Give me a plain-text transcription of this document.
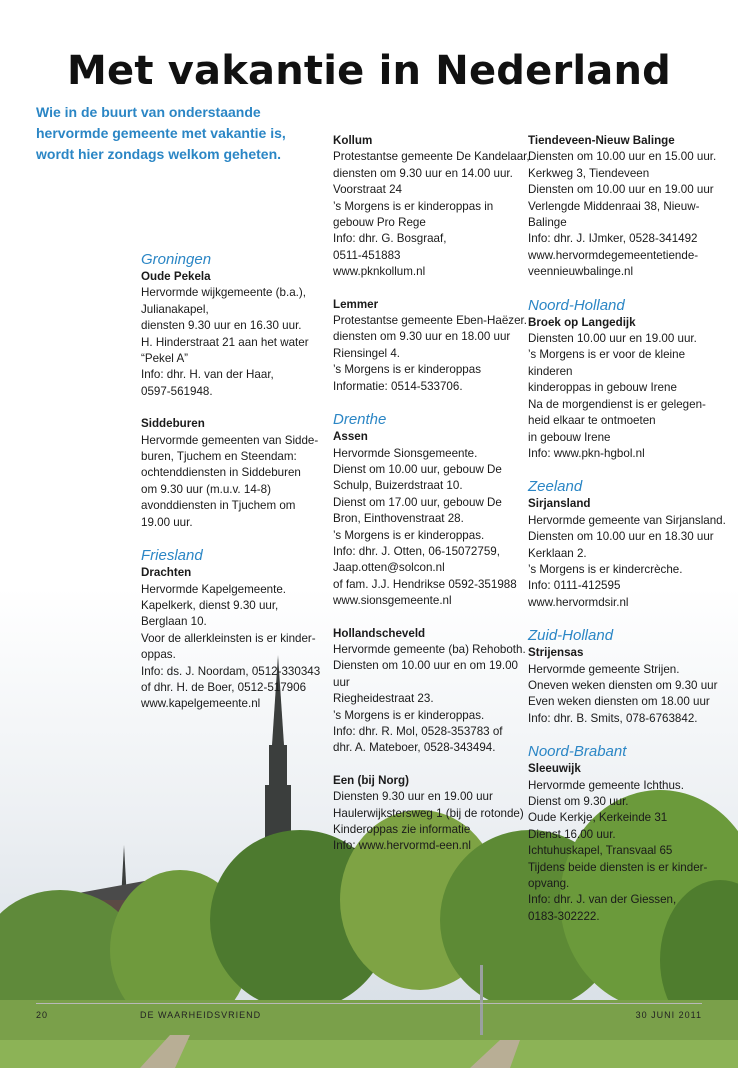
Met vakantie in Nederland
Wie in de buurt van onderstaande hervormde gemeente met vakantie is, wordt hier zondags welkom geheten.
Groningen
Oude Pekela
Hervormde wijkgemeente (b.a.),
Julianakapel,
diensten 9.30 uur en 16.30 uur.
H. Hinderstraat 21 aan het water
“Pekel A”
Info: dhr. H. van der Haar,
0597-561948.
Siddeburen
Hervormde gemeenten van Sidde-
buren, Tjuchem en Steendam:
ochtenddiensten in Siddeburen
om 9.30 uur (m.u.v. 14-8)
avonddiensten in Tjuchem om
19.00 uur.
Friesland
Drachten
Hervormde Kapelgemeente.
Kapelkerk, dienst 9.30 uur,
Berglaan 10.
Voor de allerkleinsten is er kinder-
oppas.
Info: ds. J. Noordam, 0512-330343
of dhr. H. de Boer, 0512-517906
www.kapelgemeente.nl
Kollum
Protestantse gemeente De Kandelaar,
diensten om 9.30 uur en 14.00 uur.
Voorstraat 24
’s Morgens is er kinderoppas in
gebouw Pro Rege
Info: dhr. G. Bosgraaf,
0511-451883
www.pknkollum.nl
Lemmer
Protestantse gemeente Eben-Haëzer.
diensten om 9.30 uur en 18.00 uur
Riensingel 4.
’s Morgens is er kinderoppas
Informatie: 0514-533706.
Drenthe
Assen
Hervormde Sionsgemeente.
Dienst om 10.00 uur, gebouw De
Schulp, Buizerdstraat 10.
Dienst om 17.00 uur, gebouw De
Bron, Einthovenstraat 28.
’s Morgens is er kinderoppas.
Info: dhr. J. Otten, 06-15072759,
Jaap.otten@solcon.nl
of fam. J.J. Hendrikse 0592-351988
www.sionsgemeente.nl
Hollandscheveld
Hervormde gemeente (ba) Rehoboth.
Diensten om 10.00 uur en om 19.00
uur
Riegheidestraat 23.
’s Morgens is er kinderoppas.
Info: dhr. R. Mol, 0528-353783 of
dhr. A. Mateboer, 0528-343494.
Een (bij Norg)
Diensten 9.30 uur en 19.00 uur
Haulerwijkstersweg 1 (bij de rotonde)
Kinderoppas zie informatie
Info: www.hervormd-een.nl
Tiendeveen-Nieuw Balinge
Diensten om 10.00 uur en 15.00 uur.
Kerkweg 3, Tiendeveen
Diensten om 10.00 uur en 19.00 uur
Verlengde Middenraai 38, Nieuw-
Balinge
Info: dhr. J. IJmker, 0528-341492
www.hervormdegemeentetiende-
veennieuwbalinge.nl
Noord-Holland
Broek op Langedijk
Diensten 10.00 uur en 19.00 uur.
’s Morgens is er voor de kleine
kinderen
kinderoppas in gebouw Irene
Na de morgendienst is er gelegen-
heid elkaar te ontmoeten
in gebouw Irene
Info: www.pkn-hgbol.nl
Zeeland
Sirjansland
Hervormde gemeente van Sirjansland.
Diensten om 10.00 uur en 18.30 uur
Kerklaan 2.
’s Morgens is er kindercrèche.
Info: 0111-412595
www.hervormdsir.nl
Zuid-Holland
Strijensas
Hervormde gemeente Strijen.
Oneven weken diensten om 9.30 uur
Even weken diensten om 18.00 uur
Info: dhr. B. Smits, 078-6763842.
Noord-Brabant
Sleeuwijk
Hervormde gemeente Ichthus.
Dienst om 9.30 uur.
Oude Kerkje, Kerkeinde 31
Dienst 16.00 uur.
Ichtuhuskapel, Transvaal 65
Tijdens beide diensten is er kinder-
opvang.
Info: dhr. J. van der Giessen,
0183-302222.
20	DE WAARHEIDSVRIEND	30 JUNI 2011
